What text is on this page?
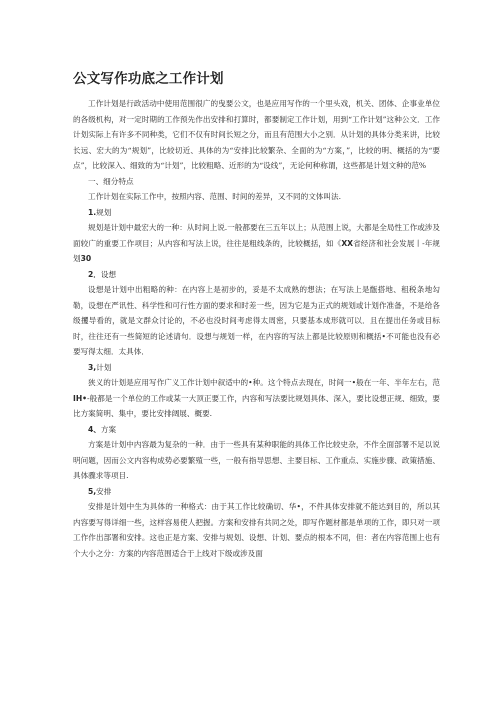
公文写作功底之工作计划

工作计划是行政活动中使用范围很广的曳要公文，也是应用写作的一个里头戏，机关、团体、企事业单位的各级机构，对一定时期的工作预先作出安排和打算时，都要制定工作计划，用到“工作计划”这种公文．工作计划实际上有许多不同种类，它们不仅有时间长短之分，而且有范围大小之别．从计划的具体分类来讲，比较长远、宏大的为“规划”，比较切近、具体的为“安排]比较繁杂、全面的为“方案，”，比较的明、概括的为“要点”，比较深入、细致的为“计划”，比较粗略、近形的为“设线”，无论何种称谓，这些都是计划文种的范%

一、细分特点

工作计划在实际工作中，按照内容、范围、时间的差异，又不同的文体叫法.

1.规划

规划是计划中最宏大的一种：从时间上说.一般都要在三五年以上；从范围上说，大都是全局性工作或涉及面较广的重要工作项目；从内容和写法上说，往往是粗线条的，比较概括，如《XX省经济和社会发展丨-年规划30

2．设想

设想是计划中出粗略的种：在内容上是初步的，妥是不太成熟的想法；在写法上是甑搭地、租税条地勾勒，设想在严讯性、科学性和可行性方面的要求和时差一些，因为它是为正式的规划或计划作准备，不是给各级攫导看的，就是文群众讨论的，不必也没时间考虑得太周密，只要基本成形就可以．且在提出任务或目标时，往往还有一些简短的论述请句．设想与规划一样，在内容的写法上都是比较原则和概括•不可能也没有必要写得太细．太具体．

3,计划

狭义的计划是应用写作广义工作计划中叙适中的•种。这个特点去现在，时间一•般在一年、半年左右，范IH•-般都是一个单位的工作或某一大顶正要工作，内容和写法要比规划具体、深入，要比设想正规、细致，要比方案简明、集中，要比安排阔展、概要.

4、方案

方案是计划中内容最为复杂的一种．由于一些具有某种职能的具体工作比较史杂，不作全面部署不足以说明问题，因而公文内容构成势必要繁殖一些，一般有指导思想、主要目标、工作重点、实施步骤、政策措施、具体骤求等项目.

5,安排

安排是计划中生为具体的一种格式：由于其工作比较确切、华•，不件具体安排就不能达到目的，所以其内容要写得详细一些，这样容易使人把握。方案和安排有共同之处，即写作题材都是单项的工作，即只对一项工作作出部署和安排。这也正是方案、安排与规划、设想、计划、要点的根本不同，但：者在内容范围上也有个大小之分：方案的内容范围适合于上线对下级或涉及面
